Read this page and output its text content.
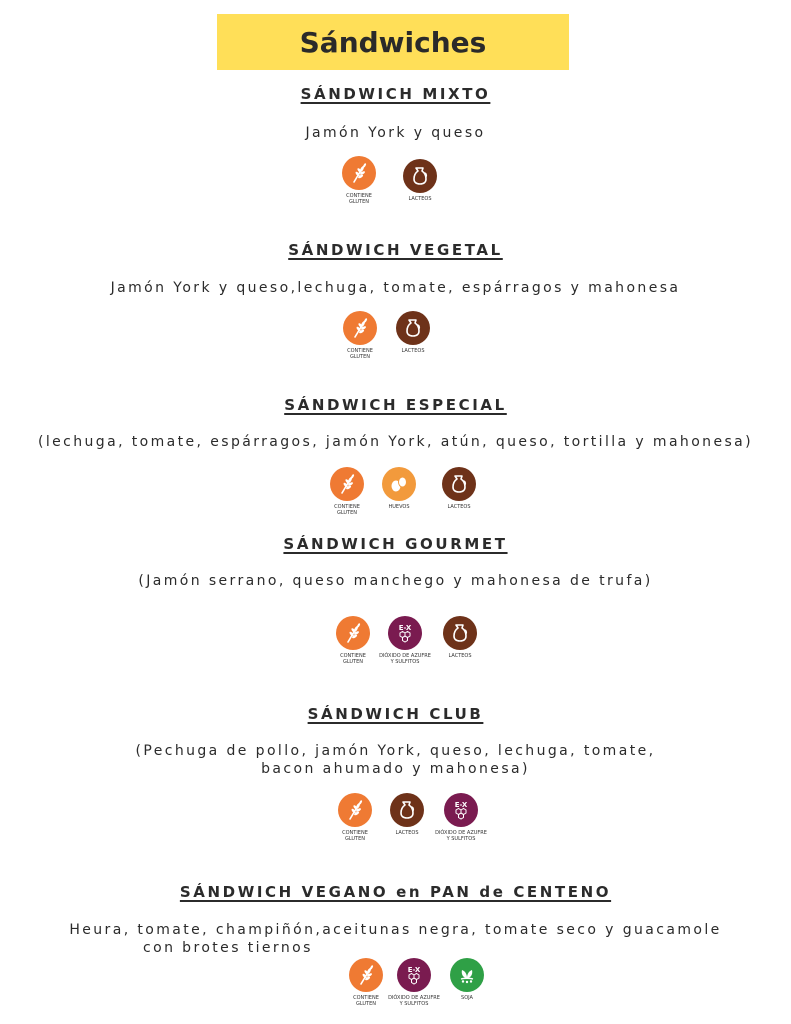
Sándwiches
SÁNDWICH MIXTO
Jamón York y queso
CONTIENE
GLUTEN	LACTEOS
SÁNDWICH VEGETAL
Jamón York y queso,lechuga, tomate, espárragos y mahonesa
CONTIENE
GLUTEN
LACTEOS
SÁNDWICH ESPECIAL
(lechuga, tomate, espárragos, jamón York, atún, queso, tortilla y mahonesa)
CONTIENE
GLUTEN
HUEVOS	LACTEOS
SÁNDWICH GOURMET
(Jamón serrano, queso manchego y mahonesa de trufa)
CONTIENE
GLUTEN
E-X
DIÓXIDO DE AZUFRE
Y SULFITOS
LACTEOS
SÁNDWICH CLUB
(Pechuga de pollo, jamón York, queso, lechuga, tomate,
bacon ahumado y mahonesa)
CONTIENE
GLUTEN
LACTEOS
E-X
DIÓXIDO DE AZUFRE
Y SULFITOS
SÁNDWICH VEGANO en PAN de CENTENO
Heura, tomate, champiñón,aceitunas negra, tomate seco y guacamole
con brotes tiernos
CONTIENE
GLUTEN
E-X
DIÓXIDO DE AZUFRE
Y SULFITOS
SOJA
